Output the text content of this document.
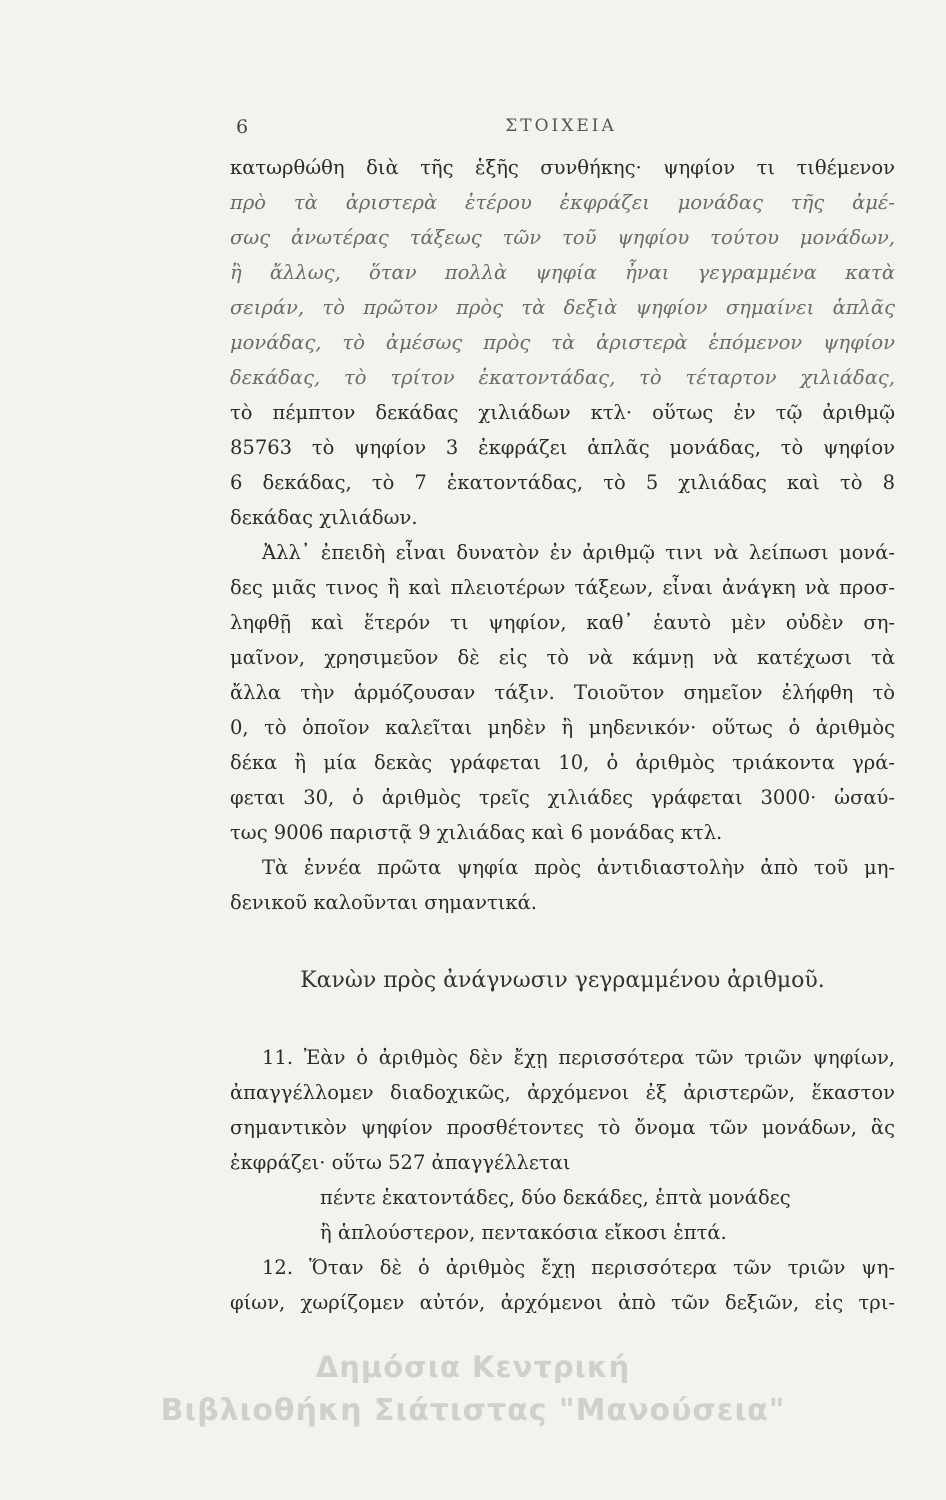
6	ΣΤΟΙΧΕΙΑ
κατωρθώθη διὰ τῆς ἑξῆς συνθήκης· ψηφίον τι τιθέμενον
πρὸ τὰ ἀριστερὰ ἑτέρου ἐκφράζει μονάδας τῆς ἀμέ-
σως ἀνωτέρας τάξεως τῶν τοῦ ψηφίου τούτου μονάδων,
ἢ ἄλλως, ὅταν πολλὰ ψηφία ἦναι γεγραμμένα κατὰ
σειράν, τὸ πρῶτον πρὸς τὰ δεξιὰ ψηφίον σημαίνει ἁπλᾶς
μονάδας, τὸ ἀμέσως πρὸς τὰ ἀριστερὰ ἑπόμενον ψηφίον
δεκάδας, τὸ τρίτον ἑκατοντάδας, τὸ τέταρτον χιλιάδας,
τὸ πέμπτον δεκάδας χιλιάδων κτλ· οὕτως ἐν τῷ ἀριθμῷ
85763 τὸ ψηφίον 3 ἐκφράζει ἁπλᾶς μονάδας, τὸ ψηφίον
6 δεκάδας, τὸ 7 ἑκατοντάδας, τὸ 5 χιλιάδας καὶ τὸ 8
δεκάδας χιλιάδων.
Ἀλλ᾽ ἐπειδὴ εἶναι δυνατὸν ἐν ἀριθμῷ τινι νὰ λείπωσι μονά-
δες μιᾶς τινος ἢ καὶ πλειοτέρων τάξεων, εἶναι ἀνάγκη νὰ προσ-
ληφθῇ καὶ ἕτερόν τι ψηφίον, καθ᾽ ἑαυτὸ μὲν οὐδὲν ση-
μαῖνον, χρησιμεῦον δὲ εἰς τὸ νὰ κάμνῃ νὰ κατέχωσι τὰ
ἄλλα τὴν ἁρμόζουσαν τάξιν. Τοιοῦτον σημεῖον ἐλήφθη τὸ
0, τὸ ὁποῖον καλεῖται μηδὲν ἢ μηδενικόν· οὕτως ὁ ἀριθμὸς
δέκα ἢ μία δεκὰς γράφεται 10, ὁ ἀριθμὸς τριάκοντα γρά-
φεται 30, ὁ ἀριθμὸς τρεῖς χιλιάδες γράφεται 3000· ὡσαύ-
τως 9006 παριστᾷ 9 χιλιάδας καὶ 6 μονάδας κτλ.
Τὰ ἐννέα πρῶτα ψηφία πρὸς ἀντιδιαστολὴν ἀπὸ τοῦ μη-
δενικοῦ καλοῦνται σημαντικά.
Κανὼν πρὸς ἀνάγνωσιν γεγραμμένου ἀριθμοῦ.
11. Ἐὰν ὁ ἀριθμὸς δὲν ἔχῃ περισσότερα τῶν τριῶν ψηφίων,
ἀπαγγέλλομεν διαδοχικῶς, ἀρχόμενοι ἐξ ἀριστερῶν, ἕκαστον
σημαντικὸν ψηφίον προσθέτοντες τὸ ὄνομα τῶν μονάδων, ἃς
ἐκφράζει· οὕτω 527 ἀπαγγέλλεται
πέντε ἑκατοντάδες, δύο δεκάδες, ἑπτὰ μονάδες
ἢ ἁπλούστερον, πεντακόσια εἴκοσι ἑπτά.
12. Ὅταν δὲ ὁ ἀριθμὸς ἔχῃ περισσότερα τῶν τριῶν ψη-
φίων, χωρίζομεν αὐτόν, ἀρχόμενοι ἀπὸ τῶν δεξιῶν, εἰς τρι-
Δημόσια Κεντρική
Βιβλιοθήκη Σιάτιστας "Μανούσεια"
